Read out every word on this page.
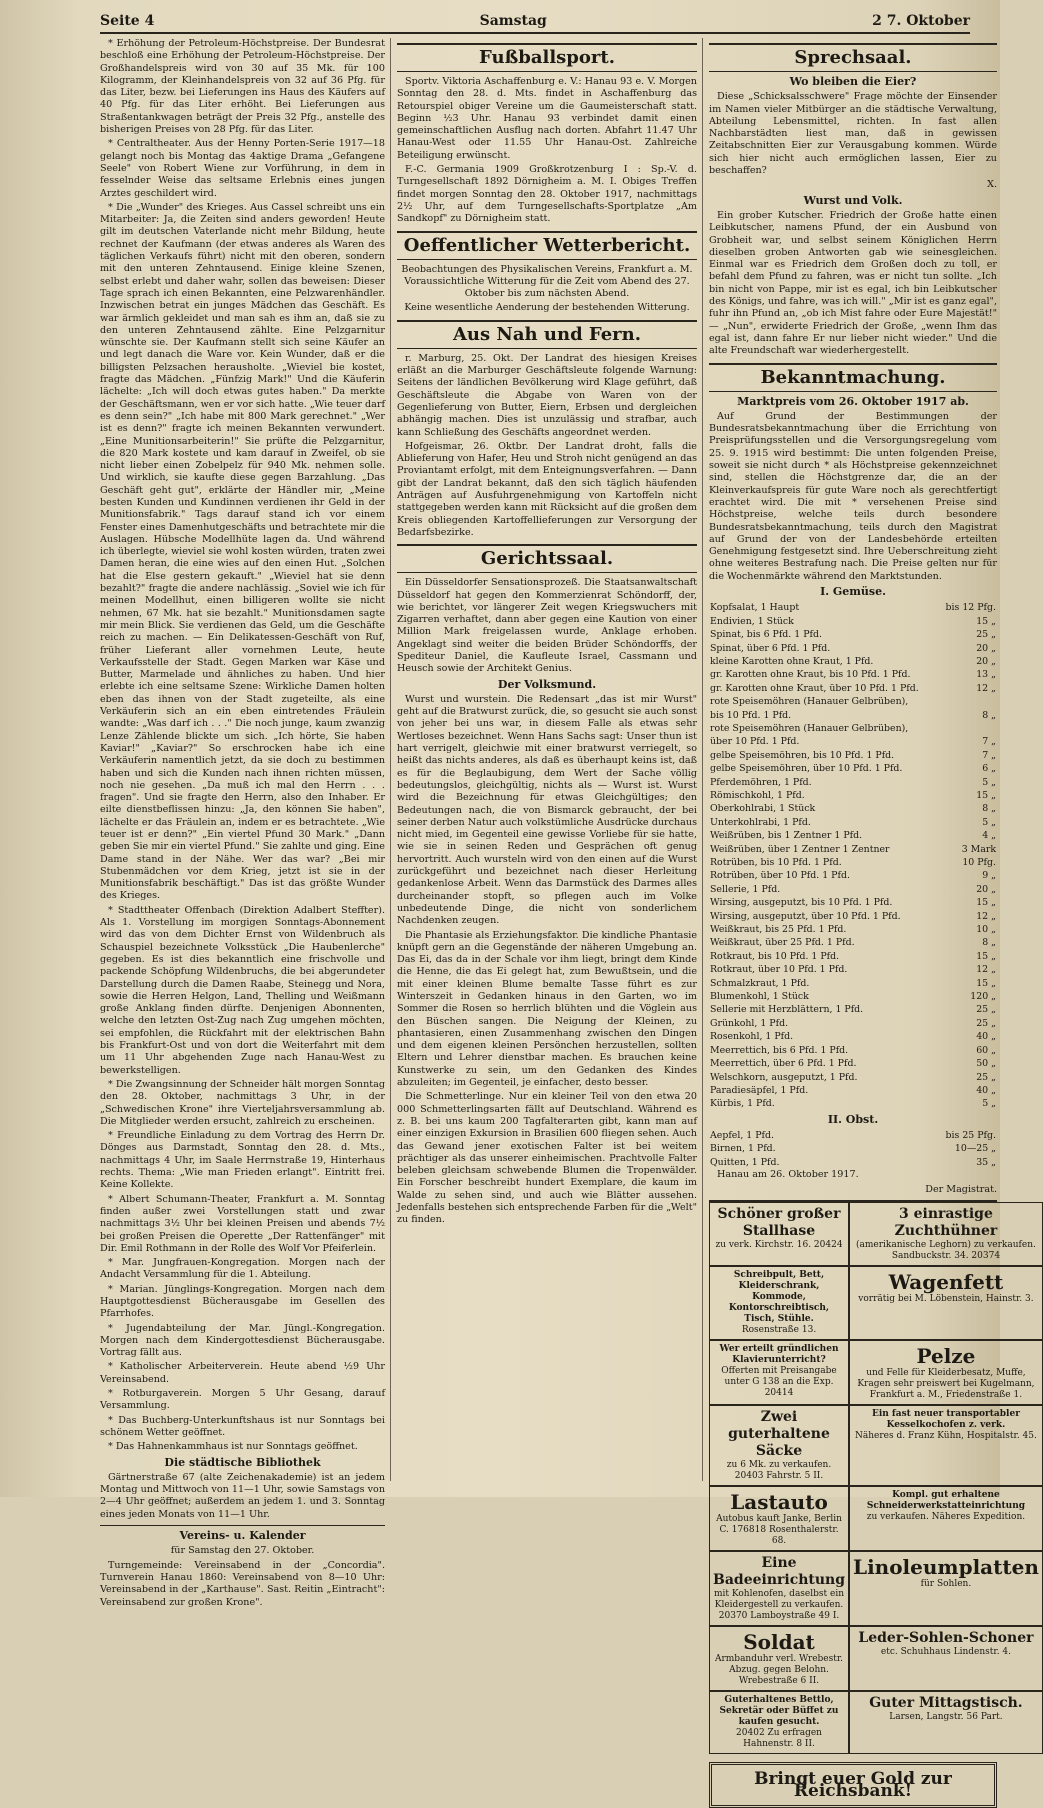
Seite 4	Samstag	2 7. Oktober

* Erhöhung der Petroleum-Höchstpreise. Der Bundesrat beschloß eine Erhöhung der Petroleum-Höchstpreise. Der Großhandelspreis wird von 30 auf 35 Mk. für 100 Kilogramm, der Kleinhandelspreis von 32 auf 36 Pfg. für das Liter, bezw. bei Lieferungen ins Haus des Käufers auf 40 Pfg. für das Liter erhöht. Bei Lieferungen aus Straßentankwagen beträgt der Preis 32 Pfg., anstelle des bisherigen Preises von 28 Pfg. für das Liter.

* Centraltheater. Aus der Henny Porten-Serie 1917—18 gelangt noch bis Montag das 4aktige Drama „Gefangene Seele" von Robert Wiene zur Vorführung, in dem in fesselnder Weise das seltsame Erlebnis eines jungen Arztes geschildert wird.

* Die „Wunder" des Krieges. Aus Cassel schreibt uns ein Mitarbeiter: Ja, die Zeiten sind anders geworden! Heute gilt im deutschen Vaterlande nicht mehr Bildung, heute rechnet der Kaufmann (der etwas anderes als Waren des täglichen Verkaufs führt) nicht mit den oberen, sondern mit den unteren Zehntausend. Einige kleine Szenen, selbst erlebt und daher wahr, sollen das beweisen: Dieser Tage sprach ich einen Bekannten, eine Pelzwarenhändler. Inzwischen betrat ein junges Mädchen das Geschäft. Es war ärmlich gekleidet und man sah es ihm an, daß sie zu den unteren Zehntausend zählte. Eine Pelzgarnitur wünschte sie. Der Kaufmann stellt sich seine Käufer an und legt danach die Ware vor. Kein Wunder, daß er die billigsten Pelzsachen herausholte. „Wieviel bie kostet, fragte das Mädchen. „Fünfzig Mark!" Und die Käuferin lächelte: „Ich will doch etwas gutes haben." Da merkte der Geschäftsmann, wen er vor sich hatte. „Wie teuer darf es denn sein?" „Ich habe mit 800 Mark gerechnet." „Wer ist es denn?" fragte ich meinen Bekannten verwundert. „Eine Munitionsarbeiterin!" Sie prüfte die Pelzgarnitur, die 820 Mark kostete und kam darauf in Zweifel, ob sie nicht lieber einen Zobelpelz für 940 Mk. nehmen solle. Und wirklich, sie kaufte diese gegen Barzahlung. „Das Geschäft geht gut", erklärte der Händler mir, „Meine besten Kunden und Kundinnen verdienen ihr Geld in der Munitionsfabrik." Tags darauf stand ich vor einem Fenster eines Damenhutgeschäfts und betrachtete mir die Auslagen. Hübsche Modellhüte lagen da. Und während ich überlegte, wieviel sie wohl kosten würden, traten zwei Damen heran, die eine wies auf den einen Hut. „Solchen hat die Else gestern gekauft." „Wieviel hat sie denn bezahlt?" fragte die andere nachlässig. „Soviel wie ich für meinen Modellhut, einen billigeren wollte sie nicht nehmen, 67 Mk. hat sie bezahlt." Munitionsdamen sagte mir mein Blick. Sie verdienen das Geld, um die Geschäfte reich zu machen. — Ein Delikatessen-Geschäft von Ruf, früher Lieferant aller vornehmen Leute, heute Verkaufsstelle der Stadt. Gegen Marken war Käse und Butter, Marmelade und ähnliches zu haben. Und hier erlebte ich eine seltsame Szene: Wirkliche Damen holten eben das ihnen von der Stadt zugeteilte, als eine Verkäuferin sich an ein eben eintretendes Fräulein wandte: „Was darf ich . . ." Die noch junge, kaum zwanzig Lenze Zählende blickte um sich. „Ich hörte, Sie haben Kaviar!" „Kaviar?" So erschrocken habe ich eine Verkäuferin namentlich jetzt, da sie doch zu bestimmen haben und sich die Kunden nach ihnen richten müssen, noch nie gesehen. „Da muß ich mal den Herrn . . . fragen". Und sie fragte den Herrn, also den Inhaber. Er eilte dienstbeflissen hinzu: „Ja, den können Sie haben", lächelte er das Fräulein an, indem er es betrachtete. „Wie teuer ist er denn?" „Ein viertel Pfund 30 Mark." „Dann geben Sie mir ein viertel Pfund." Sie zahlte und ging. Eine Dame stand in der Nähe. Wer das war? „Bei mir Stubenmädchen vor dem Krieg, jetzt ist sie in der Munitionsfabrik beschäftigt." Das ist das größte Wunder des Krieges.

* Stadttheater Offenbach (Direktion Adalbert Steffter). Als 1. Vorstellung im morgigen Sonntags-Abonnement wird das von dem Dichter Ernst von Wildenbruch als Schauspiel bezeichnete Volksstück „Die Haubenlerche" gegeben. Es ist dies bekanntlich eine frischvolle und packende Schöpfung Wildenbruchs, die bei abgerundeter Darstellung durch die Damen Raabe, Steinegg und Nora, sowie die Herren Helgon, Land, Thelling und Weißmann große Anklang finden dürfte. Denjenigen Abonnenten, welche den letzten Ost-Zug nach Zug umgehen möchten, sei empfohlen, die Rückfahrt mit der elektrischen Bahn bis Frankfurt-Ost und von dort die Weiterfahrt mit dem um 11 Uhr abgehenden Zuge nach Hanau-West zu bewerkstelligen.

* Die Zwangsinnung der Schneider hält morgen Sonntag den 28. Oktober, nachmittags 3 Uhr, in der „Schwedischen Krone" ihre Vierteljahrsversammlung ab. Die Mitglieder werden ersucht, zahlreich zu erscheinen.

* Freundliche Einladung zu dem Vortrag des Herrn Dr. Dönges aus Darmstadt, Sonntag den 28. d. Mts., nachmittags 4 Uhr, im Saale Herrnstraße 19, Hinterhaus rechts. Thema: „Wie man Frieden erlangt". Eintritt frei. Keine Kollekte.

* Albert Schumann-Theater, Frankfurt a. M. Sonntag finden außer zwei Vorstellungen statt und zwar nachmittags 3½ Uhr bei kleinen Preisen und abends 7½ bei großen Preisen die Operette „Der Rattenfänger" mit Dir. Emil Rothmann in der Rolle des Wolf Vor Pfeiferlein.

* Mar. Jungfrauen-Kongregation. Morgen nach der Andacht Versammlung für die 1. Abteilung.

* Marian. Jünglings-Kongregation. Morgen nach dem Hauptgottesdienst Bücherausgabe im Gesellen des Pfarrhofes.

* Jugendabteilung der Mar. Jüngl.-Kongregation. Morgen nach dem Kindergottesdienst Bücherausgabe. Vortrag fällt aus.

* Katholischer Arbeiterverein. Heute abend ½9 Uhr Vereinsabend.

* Rotburgaverein. Morgen 5 Uhr Gesang, darauf Versammlung.

* Das Buchberg-Unterkunftshaus ist nur Sonntags bei schönem Wetter geöffnet.

* Das Hahnenkammhaus ist nur Sonntags geöffnet.

Die städtische Bibliothek

Gärtnerstraße 67 (alte Zeichenakademie) ist an jedem Montag und Mittwoch von 11—1 Uhr, sowie Samstags von 2—4 Uhr geöffnet; außerdem an jedem 1. und 3. Sonntag eines jeden Monats von 11—1 Uhr.

Vereins- u. Kalender

für Samstag den 27. Oktober.

Turngemeinde: Vereinsabend in der „Concordia". Turnverein Hanau 1860: Vereinsabend von 8—10 Uhr: Vereinsabend in der „Karthause". Sast. Reitin „Eintracht": Vereinsabend zur großen Krone".

Fußballsport.

Sportv. Viktoria Aschaffenburg e. V.: Hanau 93 e. V. Morgen Sonntag den 28. d. Mts. findet in Aschaffenburg das Retourspiel obiger Vereine um die Gaumeisterschaft statt. Beginn ½3 Uhr. Hanau 93 verbindet damit einen gemeinschaftlichen Ausflug nach dorten. Abfahrt 11.47 Uhr Hanau-West oder 11.55 Uhr Hanau-Ost. Zahlreiche Beteiligung erwünscht.

F.-C. Germania 1909 Großkrotzenburg I : Sp.-V. d. Turngesellschaft 1892 Dörnigheim a. M. I. Obiges Treffen findet morgen Sonntag den 28. Oktober 1917, nachmittags 2½ Uhr, auf dem Turngesellschafts-Sportplatze „Am Sandkopf" zu Dörnigheim statt.

Oeffentlicher Wetterbericht.

Beobachtungen des Physikalischen Vereins, Frankfurt a. M. Voraussichtliche Witterung für die Zeit vom Abend des 27. Oktober bis zum nächsten Abend.

Keine wesentliche Aenderung der bestehenden Witterung.

Aus Nah und Fern.

r. Marburg, 25. Okt. Der Landrat des hiesigen Kreises erläßt an die Marburger Geschäftsleute folgende Warnung: Seitens der ländlichen Bevölkerung wird Klage geführt, daß Geschäftsleute die Abgabe von Waren von der Gegenlieferung von Butter, Eiern, Erbsen und dergleichen abhängig machen. Dies ist unzulässig und strafbar, auch kann Schließung des Geschäfts angeordnet werden.

Hofgeismar, 26. Oktbr. Der Landrat droht, falls die Ablieferung von Hafer, Heu und Stroh nicht genügend an das Proviantamt erfolgt, mit dem Enteignungsverfahren. — Dann gibt der Landrat bekannt, daß den sich täglich häufenden Anträgen auf Ausfuhrgenehmigung von Kartoffeln nicht stattgegeben werden kann mit Rücksicht auf die großen dem Kreis obliegenden Kartoffellieferungen zur Versorgung der Bedarfsbezirke.

Gerichtssaal.

Ein Düsseldorfer Sensationsprozeß. Die Staatsanwaltschaft Düsseldorf hat gegen den Kommerzienrat Schöndorff, der, wie berichtet, vor längerer Zeit wegen Kriegswuchers mit Zigarren verhaftet, dann aber gegen eine Kaution von einer Million Mark freigelassen wurde, Anklage erhoben. Angeklagt sind weiter die beiden Brüder Schöndorffs, der Spediteur Daniel, die Kaufleute Israel, Cassmann und Heusch sowie der Architekt Genius.

Der Volksmund.

Wurst und wurstein. Die Redensart „das ist mir Wurst" geht auf die Bratwurst zurück, die, so gesucht sie auch sonst von jeher bei uns war, in diesem Falle als etwas sehr Wertloses bezeichnet. Wenn Hans Sachs sagt: Unser thun ist hart verrigelt, gleichwie mit einer bratwurst verriegelt, so heißt das nichts anderes, als daß es überhaupt keins ist, daß es für die Beglaubigung, dem Wert der Sache völlig bedeutungslos, gleichgültig, nichts als — Wurst ist. Wurst wird die Bezeichnung für etwas Gleichgültiges; den Bedeutungen nach, die von Bismarck gebraucht, der bei seiner derben Natur auch volkstümliche Ausdrücke durchaus nicht mied, im Gegenteil eine gewisse Vorliebe für sie hatte, wie sie in seinen Reden und Gesprächen oft genug hervortritt. Auch wursteln wird von den einen auf die Wurst zurückgeführt und bezeichnet nach dieser Herleitung gedankenlose Arbeit. Wenn das Darmstück des Darmes alles durcheinander stopft, so pflegen auch im Volke unbedeutende Dinge, die nicht von sonderlichem Nachdenken zeugen.

Die Phantasie als Erziehungsfaktor. Die kindliche Phantasie knüpft gern an die Gegenstände der näheren Umgebung an. Das Ei, das da in der Schale vor ihm liegt, bringt dem Kinde die Henne, die das Ei gelegt hat, zum Bewußtsein, und die mit einer kleinen Blume bemalte Tasse führt es zur Winterszeit in Gedanken hinaus in den Garten, wo im Sommer die Rosen so herrlich blühten und die Vöglein aus den Büschen sangen. Die Neigung der Kleinen, zu phantasieren, einen Zusammenhang zwischen den Dingen und dem eigenen kleinen Persönchen herzustellen, sollten Eltern und Lehrer dienstbar machen. Es brauchen keine Kunstwerke zu sein, um den Gedanken des Kindes abzuleiten; im Gegenteil, je einfacher, desto besser.

Die Schmetterlinge. Nur ein kleiner Teil von den etwa 20 000 Schmetterlingsarten fällt auf Deutschland. Während es z. B. bei uns kaum 200 Tagfalterarten gibt, kann man auf einer einzigen Exkursion in Brasilien 600 fliegen sehen. Auch das Gewand jener exotischen Falter ist bei weitem prächtiger als das unserer einheimischen. Prachtvolle Falter beleben gleichsam schwebende Blumen die Tropenwälder. Ein Forscher beschreibt hundert Exemplare, die kaum im Walde zu sehen sind, und auch wie Blätter aussehen. Jedenfalls bestehen sich entsprechende Farben für die „Welt" zu finden.

Sprechsaal.
Wo bleiben die Eier?

Diese „Schicksalsschwere" Frage möchte der Einsender im Namen vieler Mitbürger an die städtische Verwaltung, Abteilung Lebensmittel, richten. In fast allen Nachbarstädten liest man, daß in gewissen Zeitabschnitten Eier zur Verausgabung kommen. Würde sich hier nicht auch ermöglichen lassen, Eier zu beschaffen?

X.

Wurst und Volk.

Ein grober Kutscher. Friedrich der Große hatte einen Leibkutscher, namens Pfund, der ein Ausbund von Grobheit war, und selbst seinem Königlichen Herrn dieselben groben Antworten gab wie seinesgleichen. Einmal war es Friedrich dem Großen doch zu toll, er befahl dem Pfund zu fahren, was er nicht tun sollte. „Ich bin nicht von Pappe, mir ist es egal, ich bin Leibkutscher des Königs, und fahre, was ich will." „Mir ist es ganz egal", fuhr ihn Pfund an, „ob ich Mist fahre oder Eure Majestät!" — „Nun", erwiderte Friedrich der Große, „wenn Ihm das egal ist, dann fahre Er nur lieber nicht wieder." Und die alte Freundschaft war wiederhergestellt.

Bekanntmachung.
Marktpreis vom 26. Oktober 1917 ab.

Auf Grund der Bestimmungen der Bundesratsbekanntmachung über die Errichtung von Preisprüfungsstellen und die Versorgungsregelung vom 25. 9. 1915 wird bestimmt: Die unten folgenden Preise, soweit sie nicht durch * als Höchstpreise gekennzeichnet sind, stellen die Höchstgrenze dar, die an der Kleinverkaufspreis für gute Ware noch als gerechtfertigt erachtet wird. Die mit * versehenen Preise sind Höchstpreise, welche teils durch besondere Bundesratsbekanntmachung, teils durch den Magistrat auf Grund der von der Landesbehörde erteilten Genehmigung festgesetzt sind. Ihre Ueberschreitung zieht ohne weiteres Bestrafung nach. Die Preise gelten nur für die Wochenmärkte während den Marktstunden.

I. Gemüse.
Kopfsalat, 1 Haupt	bis 12 Pfg.
Endivien, 1 Stück	15 „
Spinat, bis 6 Pfd. 1 Pfd.	25 „
Spinat, über 6 Pfd. 1 Pfd.	20 „
kleine Karotten ohne Kraut, 1 Pfd.	20 „
gr. Karotten ohne Kraut, bis 10 Pfd. 1 Pfd.	13 „
gr. Karotten ohne Kraut, über 10 Pfd. 1 Pfd.	12 „
rote Speisemöhren (Hanauer Gelbrüben),	
bis 10 Pfd. 1 Pfd.	8 „
rote Speisemöhren (Hanauer Gelbrüben),	
über 10 Pfd. 1 Pfd.	7 „
gelbe Speisemöhren, bis 10 Pfd. 1 Pfd.	7 „
gelbe Speisemöhren, über 10 Pfd. 1 Pfd.	6 „
Pferdemöhren, 1 Pfd.	5 „
Römischkohl, 1 Pfd.	15 „
Oberkohlrabi, 1 Stück	8 „
Unterkohlrabi, 1 Pfd.	5 „
Weißrüben, bis 1 Zentner 1 Pfd.	4 „
Weißrüben, über 1 Zentner 1 Zentner	3 Mark
Rotrüben, bis 10 Pfd. 1 Pfd.	10 Pfg.
Rotrüben, über 10 Pfd. 1 Pfd.	9 „
Sellerie, 1 Pfd.	20 „
Wirsing, ausgeputzt, bis 10 Pfd. 1 Pfd.	15 „
Wirsing, ausgeputzt, über 10 Pfd. 1 Pfd.	12 „
Weißkraut, bis 25 Pfd. 1 Pfd.	10 „
Weißkraut, über 25 Pfd. 1 Pfd.	8 „
Rotkraut, bis 10 Pfd. 1 Pfd.	15 „
Rotkraut, über 10 Pfd. 1 Pfd.	12 „
Schmalzkraut, 1 Pfd.	15 „
Blumenkohl, 1 Stück	120 „
Sellerie mit Herzblättern, 1 Pfd.	25 „
Grünkohl, 1 Pfd.	25 „
Rosenkohl, 1 Pfd.	40 „
Meerrettich, bis 6 Pfd. 1 Pfd.	60 „
Meerrettich, über 6 Pfd. 1 Pfd.	50 „
Welschkorn, ausgeputzt, 1 Pfd.	25 „
Paradiesäpfel, 1 Pfd.	40 „
Kürbis, 1 Pfd.	5 „
II. Obst.
Aepfel, 1 Pfd.	bis 25 Pfg.
Birnen, 1 Pfd.	10—25 „
Quitten, 1 Pfd.	35 „

Hanau am 26. Oktober 1917.

Der Magistrat.

Schöner großer Stallhase
zu verk. Kirchstr. 16. 20424
3 einrastige Zuchthühner
(amerikanische Leghorn) zu verkaufen. Sandbuckstr. 34. 20374
Schreibpult, Bett, Kleiderschrank, Kommode, Kontorschreibtisch, Tisch, Stühle.
Rosenstraße 13.
Wagenfett
vorrätig bei M. Löbenstein, Hainstr. 3.
Wer erteilt gründlichen Klavierunterricht?
Offerten mit Preisangabe unter G 138 an die Exp. 20414
Pelze
und Felle für Kleiderbesatz, Muffe, Kragen sehr preiswert bei Kugelmann, Frankfurt a. M., Friedenstraße 1.
Zwei guterhaltene Säcke
zu 6 Mk. zu verkaufen. 20403 Fahrstr. 5 II.
Ein fast neuer transportabler Kesselkochofen z. verk.
Näheres d. Franz Kühn, Hospitalstr. 45.
Lastauto
Autobus kauft Janke, Berlin C. 176818 Rosenthalerstr. 68.
Kompl. gut erhaltene Schneiderwerkstatteinrichtung
zu verkaufen. Näheres Expedition.
Eine Badeeinrichtung
mit Kohlenofen, daselbst ein Kleidergestell zu verkaufen. 20370 Lamboystraße 49 I.
Linoleumplatten
für Sohlen.
Soldat
Armbanduhr verl. Wrebestr. Abzug. gegen Belohn. Wrebestraße 6 II.
Leder-Sohlen-Schoner
etc. Schuhhaus Lindenstr. 4.
Guterhaltenes Bettlo, Sekretär oder Büffet zu kaufen gesucht.
20402 Zu erfragen Hahnenstr. 8 II.
Guter Mittagstisch.
Larsen, Langstr. 56 Part.
Bringt euer Gold zur Reichsbank!
